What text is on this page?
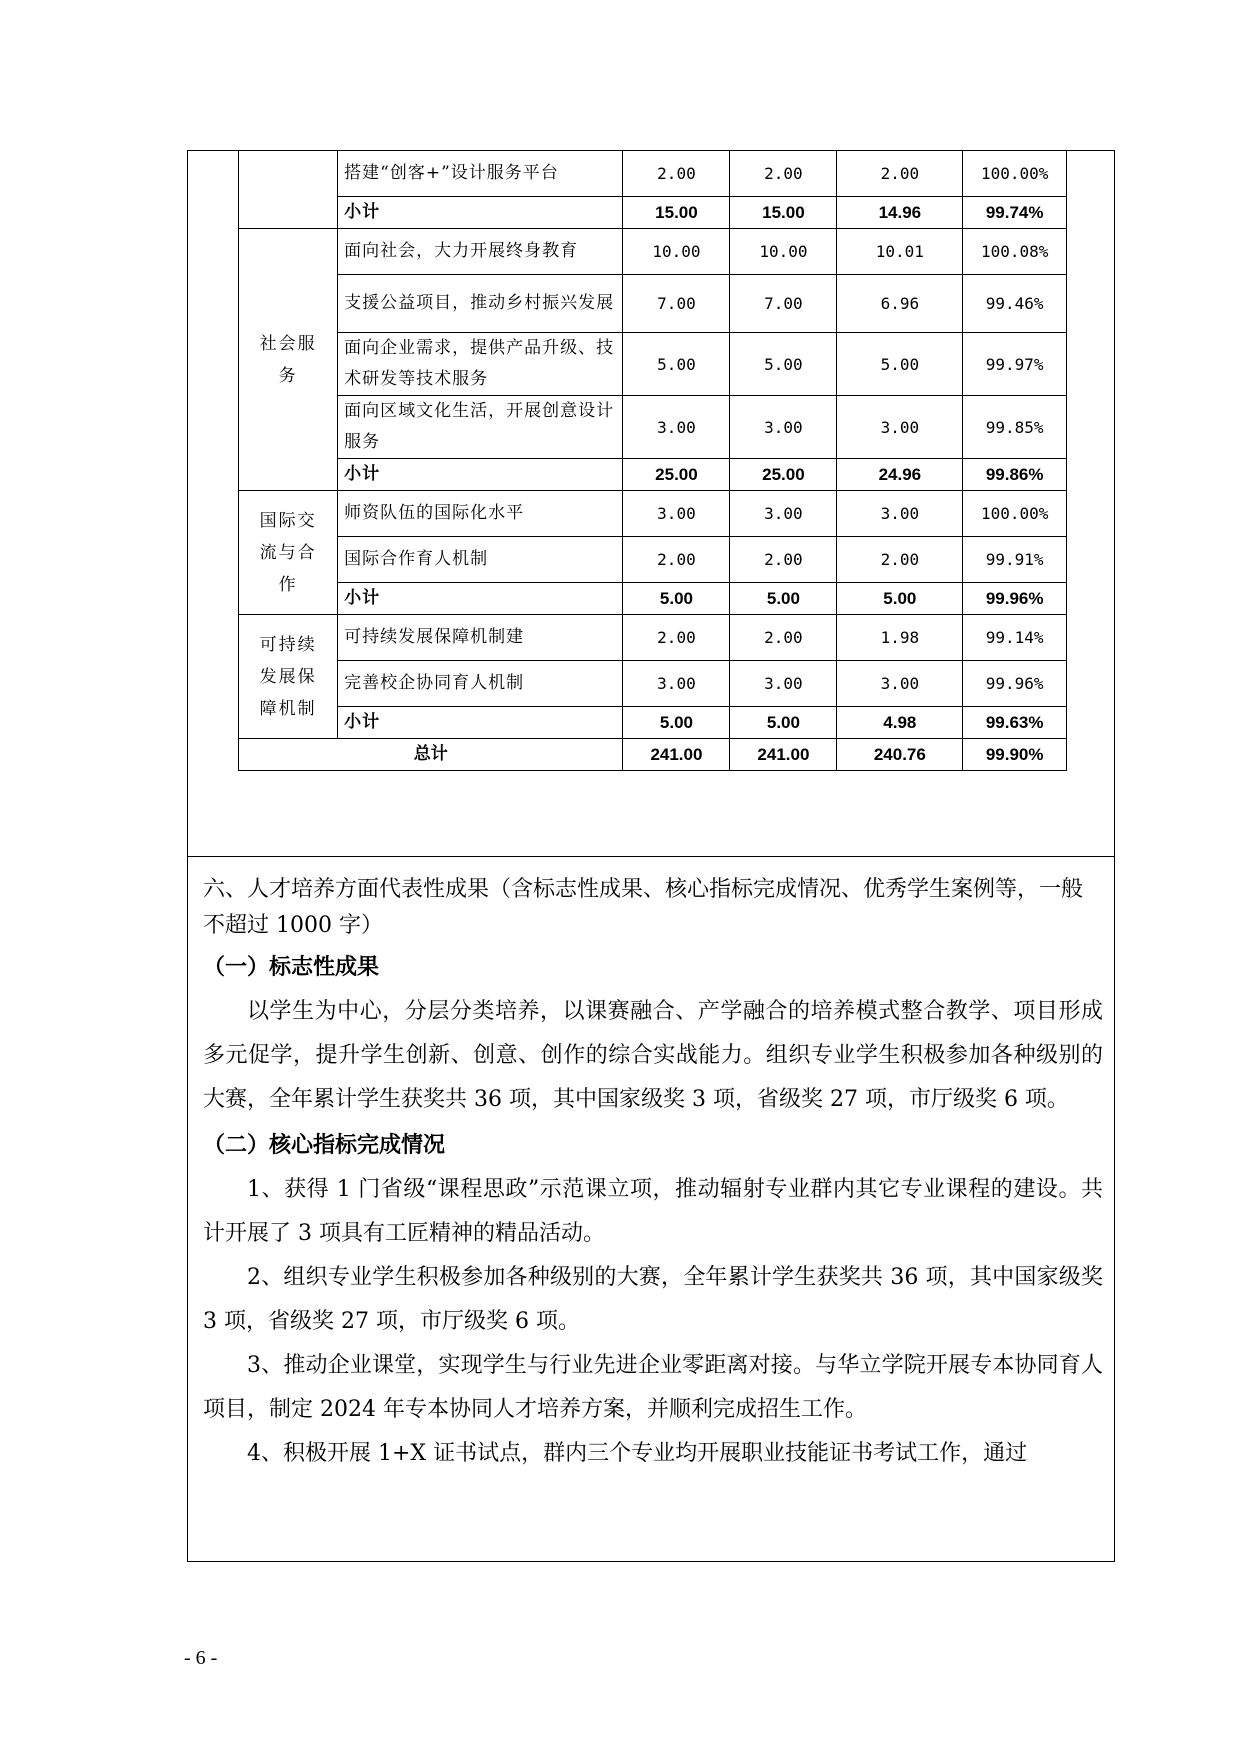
	搭建“创客+”设计服务平台	2.00	2.00	2.00	100.00%
	小计	15.00	15.00	14.96	99.74%
社会服务	面向社会，大力开展终身教育	10.00	10.00	10.01	100.08%
	支援公益项目，推动乡村振兴发展	7.00	7.00	6.96	99.46%
	面向企业需求，提供产品升级、技术研发等技术服务	5.00	5.00	5.00	99.97%
	面向区域文化生活，开展创意设计服务	3.00	3.00	3.00	99.85%
	小计	25.00	25.00	24.96	99.86%
国际交流与合作	师资队伍的国际化水平	3.00	3.00	3.00	100.00%
	国际合作育人机制	2.00	2.00	2.00	99.91%
	小计	5.00	5.00	5.00	99.96%
可持续发展保障机制	可持续发展保障机制建	2.00	2.00	1.98	99.14%
	完善校企协同育人机制	3.00	3.00	3.00	99.96%
	小计	5.00	5.00	4.98	99.63%
总计		241.00	241.00	240.76	99.90%
六、人才培养方面代表性成果（含标志性成果、核心指标完成情况、优秀学生案例等，一般不超过 1000 字）
（一）标志性成果

以学生为中心，分层分类培养，以课赛融合、产学融合的培养模式整合教学、项目形成多元促学，提升学生创新、创意、创作的综合实战能力。组织专业学生积极参加各种级别的大赛，全年累计学生获奖共 36 项，其中国家级奖 3 项，省级奖 27 项，市厅级奖 6 项。

（二）核心指标完成情况

1、获得 1 门省级“课程思政”示范课立项，推动辐射专业群内其它专业课程的建设。共计开展了 3 项具有工匠精神的精品活动。

2、组织专业学生积极参加各种级别的大赛，全年累计学生获奖共 36 项，其中国家级奖 3 项，省级奖 27 项，市厅级奖 6 项。

3、推动企业课堂，实现学生与行业先进企业零距离对接。与华立学院开展专本协同育人项目，制定 2024 年专本协同人才培养方案，并顺利完成招生工作。

4、积极开展 1+X 证书试点，群内三个专业均开展职业技能证书考试工作，通过

- 6 -
